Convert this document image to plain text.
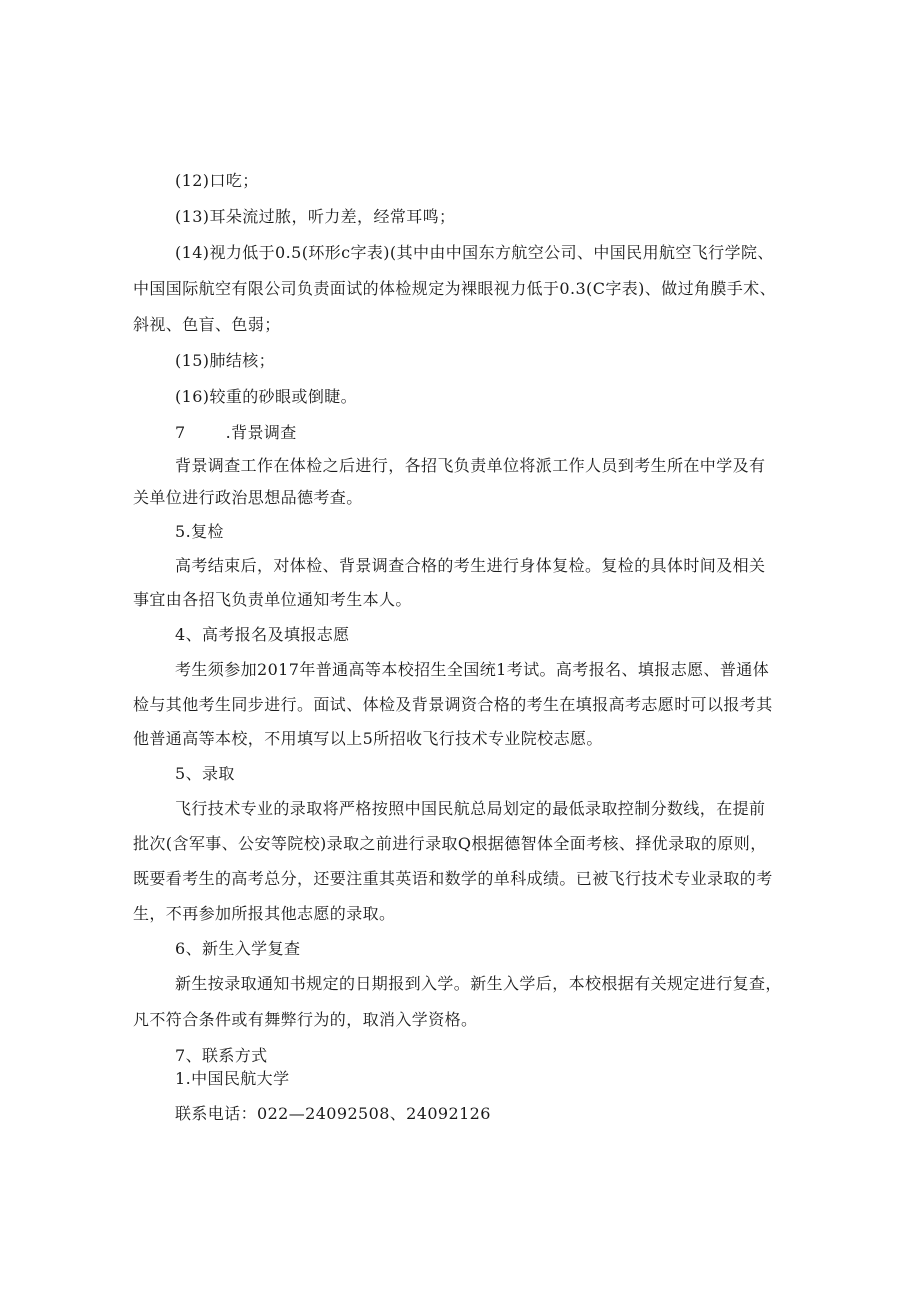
(12)口吃；
(13)耳朵流过脓，听力差，经常耳鸣；
(14)视力低于0.5(环形c字表)(其中由中国东方航空公司、中国民用航空飞行学院、
中国国际航空有限公司负责面试的体检规定为裸眼视力低于0.3(C字表)、做过角膜手术、
斜视、色盲、色弱；
(15)肺结核；
(16)较重的砂眼或倒睫。
7	.背景调查
背景调查工作在体检之后进行，各招飞负责单位将派工作人员到考生所在中学及有
关单位进行政治思想品德考查。
5.复检
高考结束后，对体检、背景调查合格的考生进行身体复检。复检的具体时间及相关
事宜由各招飞负责单位通知考生本人。
4、高考报名及填报志愿
考生须参加2017年普通高等本校招生全国统1考试。高考报名、填报志愿、普通体
检与其他考生同步进行。面试、体检及背景调资合格的考生在填报高考志愿时可以报考其
他普通高等本校，不用填写以上5所招收飞行技术专业院校志愿。
5、录取
飞行技术专业的录取将严格按照中国民航总局划定的最低录取控制分数线，在提前
批次(含军事、公安等院校)录取之前进行录取Q根据德智体全面考核、择优录取的原则，
既要看考生的高考总分，还要注重其英语和数学的单科成绩。已被飞行技术专业录取的考
生，不再参加所报其他志愿的录取。
6、新生入学复查
新生按录取通知书规定的日期报到入学。新生入学后，本校根据有关规定进行复查，
凡不符合条件或有舞弊行为的，取消入学资格。
7、联系方式
1.中国民航大学
联系电话：022—24092508、24092126
